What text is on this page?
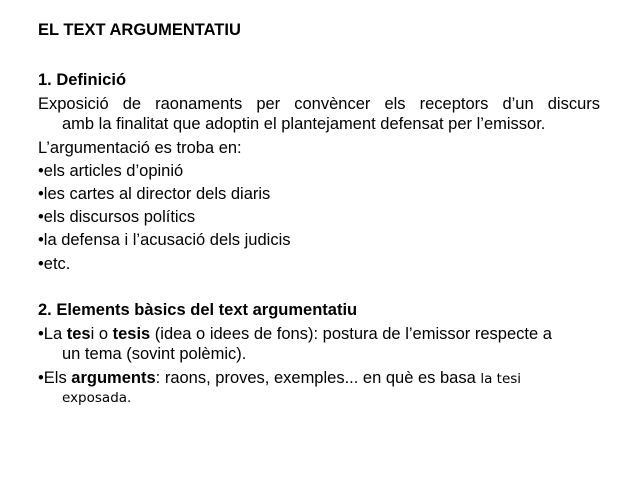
EL TEXT ARGUMENTATIU
1. Definició
Exposició de raonaments per convèncer els receptors d’un discurs
amb la finalitat que adoptin el plantejament defensat per l’emissor.
L’argumentació es troba en:
•els articles d’opinió
•les cartes al director dels diaris
•els discursos polítics
•la defensa i l’acusació dels judicis
•etc.
2. Elements bàsics del text argumentatiu
•La tesi o tesis (idea o idees de fons): postura de l’emissor respecte a
un tema (sovint polèmic).
•Els arguments: raons, proves, exemples... en què es basa la tesi
exposada.
